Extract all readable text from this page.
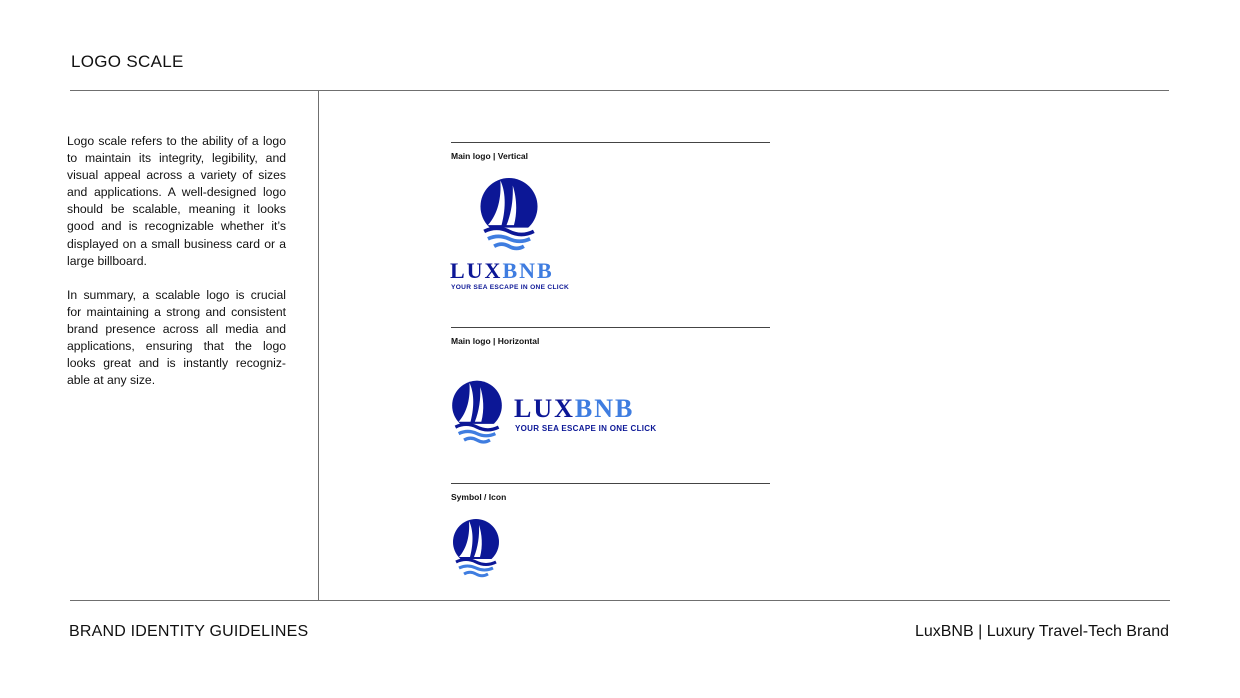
LOGO SCALE

Logo scale refers to the ability of a logo to maintain its integrity, legibility, and visual appeal across a variety of sizes and applications. A well-designed logo should be scalable, meaning it looks good and is recognizable whether it’s displayed on a small business card or a large billboard.

In summary, a scalable logo is crucial for maintaining a strong and consistent brand presence across all media and applications, ensuring that the logo looks great and is instantly recogniz-able at any size.

Main logo | Vertical
LUXBNB
YOUR SEA ESCAPE IN ONE CLICK
Main logo | Horizontal
LUXBNB
YOUR SEA ESCAPE IN ONE CLICK
Symbol / Icon
BRAND IDENTITY GUIDELINES	LuxBNB | Luxury Travel-Tech Brand
